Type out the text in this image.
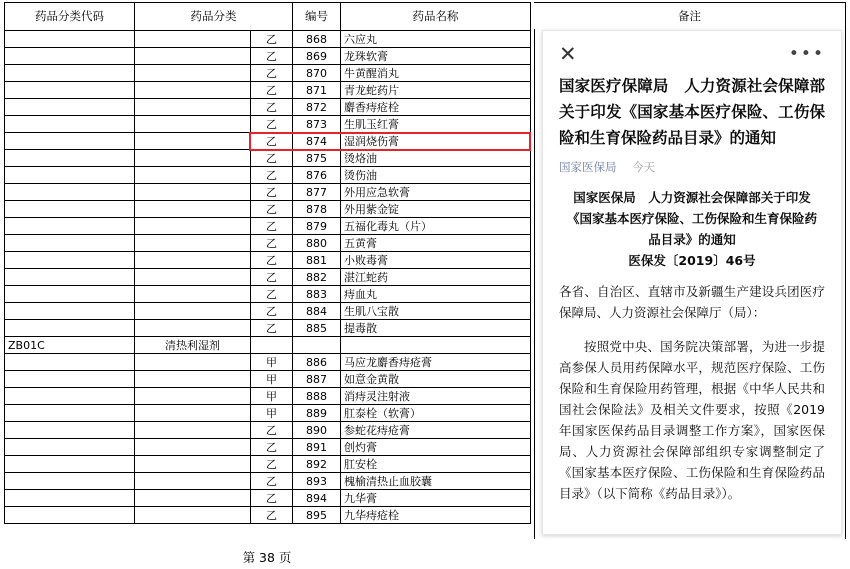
药品分类代码	药品分类		编号	药品名称
		乙	868	六应丸
		乙	869	龙珠软膏
		乙	870	牛黄醒消丸
		乙	871	青龙蛇药片
		乙	872	麝香痔疮栓
		乙	873	生肌玉红膏
		乙	874	湿润烧伤膏
		乙	875	烫烙油
		乙	876	烫伤油
		乙	877	外用应急软膏
		乙	878	外用紫金锭
		乙	879	五福化毒丸（片）
		乙	880	五黄膏
		乙	881	小败毒膏
		乙	882	湛江蛇药
		乙	883	痔血丸
		乙	884	生肌八宝散
		乙	885	提毒散
ZB01C	清热利湿剂			
		甲	886	马应龙麝香痔疮膏
		甲	887	如意金黄散
		甲	888	消痔灵注射液
		甲	889	肛泰栓（软膏）
		乙	890	参蛇花痔疮膏
		乙	891	创灼膏
		乙	892	肛安栓
		乙	893	槐榆清热止血胶囊
		乙	894	九华膏
		乙	895	九华痔疮栓
第 38 页
备注
✕	•••
国家医疗保障局　人力资源社会保障部关于印发《国家基本医疗保险、工伤保险和生育保险药品目录》的通知
国家医保局 今天
国家医保局　人力资源社会保障部关于印发
《国家基本医疗保险、工伤保险和生育保险药
品目录》的通知
医保发〔2019〕46号

各省、自治区、直辖市及新疆生产建设兵团医疗保障局、人力资源社会保障厅（局）：

按照党中央、国务院决策部署，为进一步提高参保人员用药保障水平，规范医疗保险、工伤保险和生育保险用药管理，根据《中华人民共和国社会保险法》及相关文件要求，按照《2019年国家医保药品目录调整工作方案》，国家医保局、人力资源社会保障部组织专家调整制定了《国家基本医疗保险、工伤保险和生育保险药品目录》（以下简称《药品目录》）。
